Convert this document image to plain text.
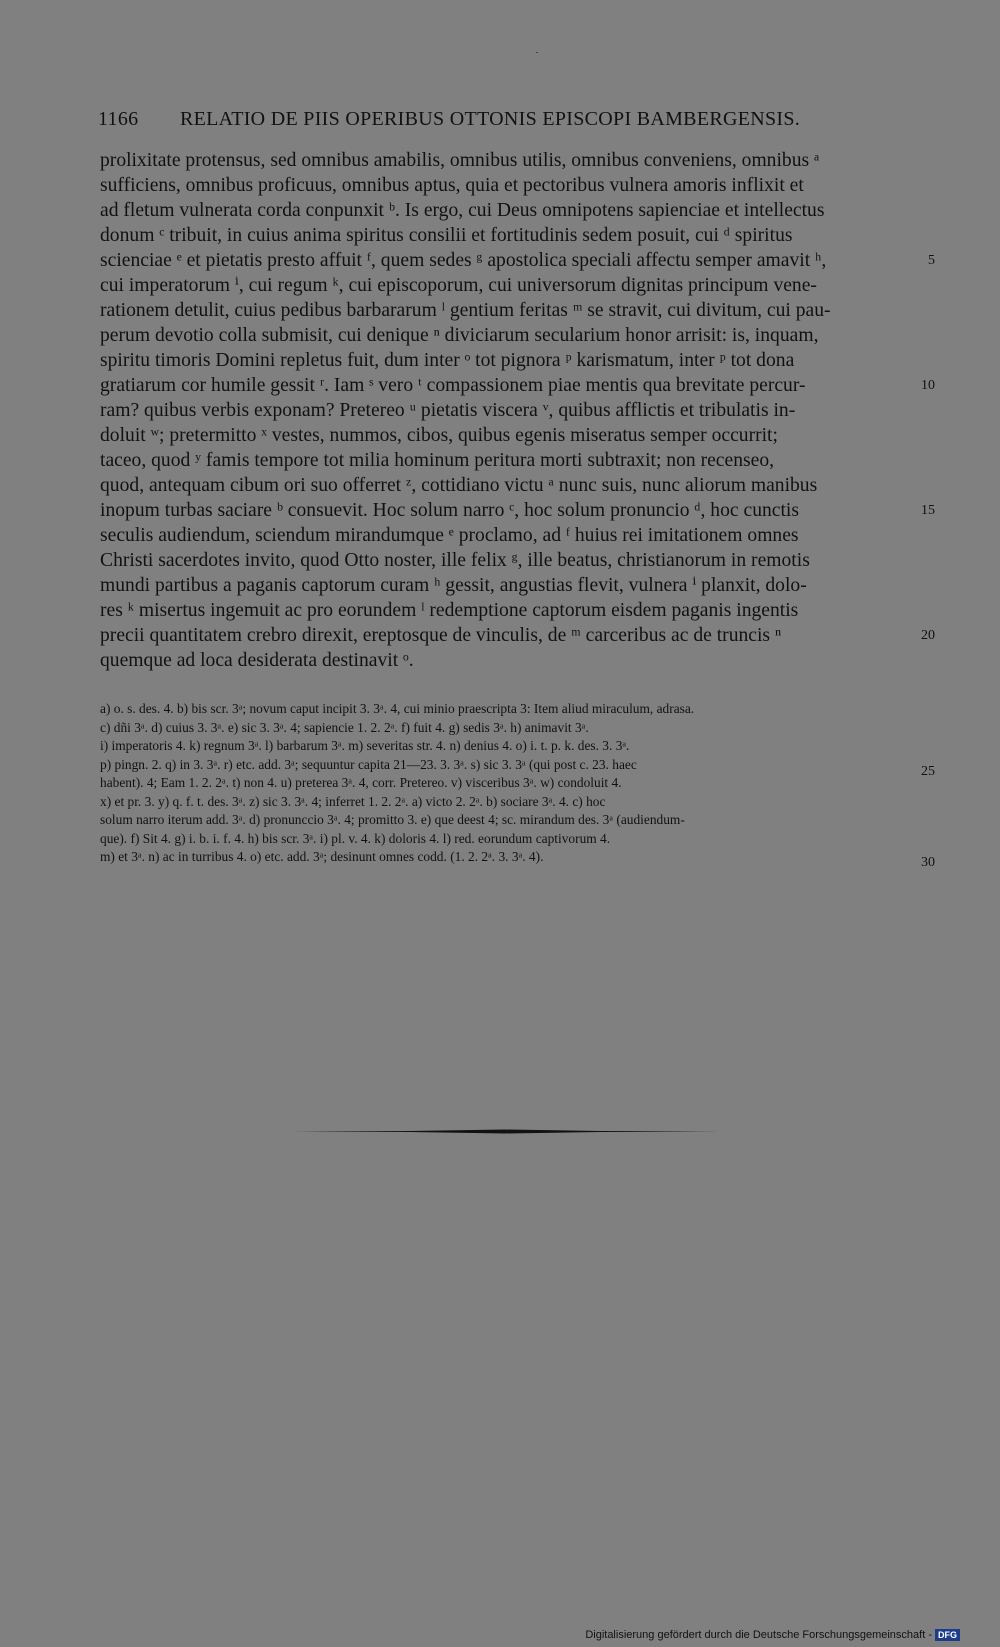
1166 RELATIO DE PIIS OPERIBUS OTTONIS EPISCOPI BAMBERGENSIS.
prolixitate protensus, sed omnibus amabilis, omnibus utilis, omnibus conveniens, omnibus ᵃ
sufficiens, omnibus proficuus, omnibus aptus, quia et pectoribus vulnera amoris inflixit et
ad fletum vulnerata corda conpunxit ᵇ. Is ergo, cui Deus omnipotens sapienciae et intellectus
donum ᶜ tribuit, in cuius anima spiritus consilii et fortitudinis sedem posuit, cui ᵈ spiritus
scienciae ᵉ et pietatis presto affuit ᶠ, quem sedes ᵍ apostolica speciali affectu semper amavit ʰ,
cui imperatorum ⁱ, cui regum ᵏ, cui episcoporum, cui universorum dignitas principum vene-
rationem detulit, cuius pedibus barbararum ˡ gentium feritas ᵐ se stravit, cui divitum, cui pau-
perum devotio colla submisit, cui denique ⁿ diviciarum secularium honor arrisit: is, inquam,
spiritu timoris Domini repletus fuit, dum inter ᵒ tot pignora ᵖ karismatum, inter ᵖ tot dona
gratiarum cor humile gessit ʳ. Iam ˢ vero ᵗ compassionem piae mentis qua brevitate percur-
ram? quibus verbis exponam? Pretereo ᵘ pietatis viscera ᵛ, quibus afflictis et tribulatis in-
doluit ʷ; pretermitto ˣ vestes, nummos, cibos, quibus egenis miseratus semper occurrit;
taceo, quod ʸ famis tempore tot milia hominum peritura morti subtraxit; non recenseo,
quod, antequam cibum ori suo offerret ᶻ, cottidiano victu ᵃ nunc suis, nunc aliorum manibus
inopum turbas saciare ᵇ consuevit. Hoc solum narro ᶜ, hoc solum pronuncio ᵈ, hoc cunctis
seculis audiendum, sciendum mirandumque ᵉ proclamo, ad ᶠ huius rei imitationem omnes
Christi sacerdotes invito, quod Otto noster, ille felix ᵍ, ille beatus, christianorum in remotis
mundi partibus a paganis captorum curam ʰ gessit, angustias flevit, vulnera ⁱ planxit, dolo-
res ᵏ misertus ingemuit ac pro eorundem ˡ redemptione captorum eisdem paganis ingentis
precii quantitatem crebro direxit, ereptosque de vinculis, de ᵐ carceribus ac de truncis ⁿ
quemque ad loca desiderata destinavit ᵒ.
5
10
15
20
a) o. s. des. 4. b) bis scr. 3ᵃ; novum caput incipit 3. 3ᵃ. 4, cui minio praescripta 3: Item aliud miraculum, adrasa.
c) dñi 3ᵃ. d) cuius 3. 3ᵃ. e) sic 3. 3ᵃ. 4; sapiencie 1. 2. 2ᵃ. f) fuit 4. g) sedis 3ᵃ. h) animavit 3ᵃ.
i) imperatoris 4. k) regnum 3ᵃ. l) barbarum 3ᵃ. m) severitas str. 4. n) denius 4. o) i. t. p. k. des. 3. 3ᵃ.
p) pingn. 2. q) in 3. 3ᵃ. r) etc. add. 3ᵃ; sequuntur capita 21—23. 3. 3ᵃ. s) sic 3. 3ᵃ (qui post c. 23. haec
habent). 4; Eam 1. 2. 2ᵃ. t) non 4. u) preterea 3ᵃ. 4, corr. Pretereo. v) visceribus 3ᵃ. w) condoluit 4.
x) et pr. 3. y) q. f. t. des. 3ᵃ. z) sic 3. 3ᵃ. 4; inferret 1. 2. 2ᵃ. a) victo 2. 2ᵃ. b) sociare 3ᵃ. 4. c) hoc
solum narro iterum add. 3ᵃ. d) pronunccio 3ᵃ. 4; promitto 3. e) que deest 4; sc. mirandum des. 3ᵃ (audiendum-
que). f) Sit 4. g) i. b. i. f. 4. h) bis scr. 3ᵃ. i) pl. v. 4. k) doloris 4. l) red. eorundum captivorum 4.
m) et 3ᵃ. n) ac in turribus 4. o) etc. add. 3ᵃ; desinunt omnes codd. (1. 2. 2ᵃ. 3. 3ᵃ. 4).
25
30
Digitalisierung gefördert durch die Deutsche Forschungsgemeinschaft - DFG
